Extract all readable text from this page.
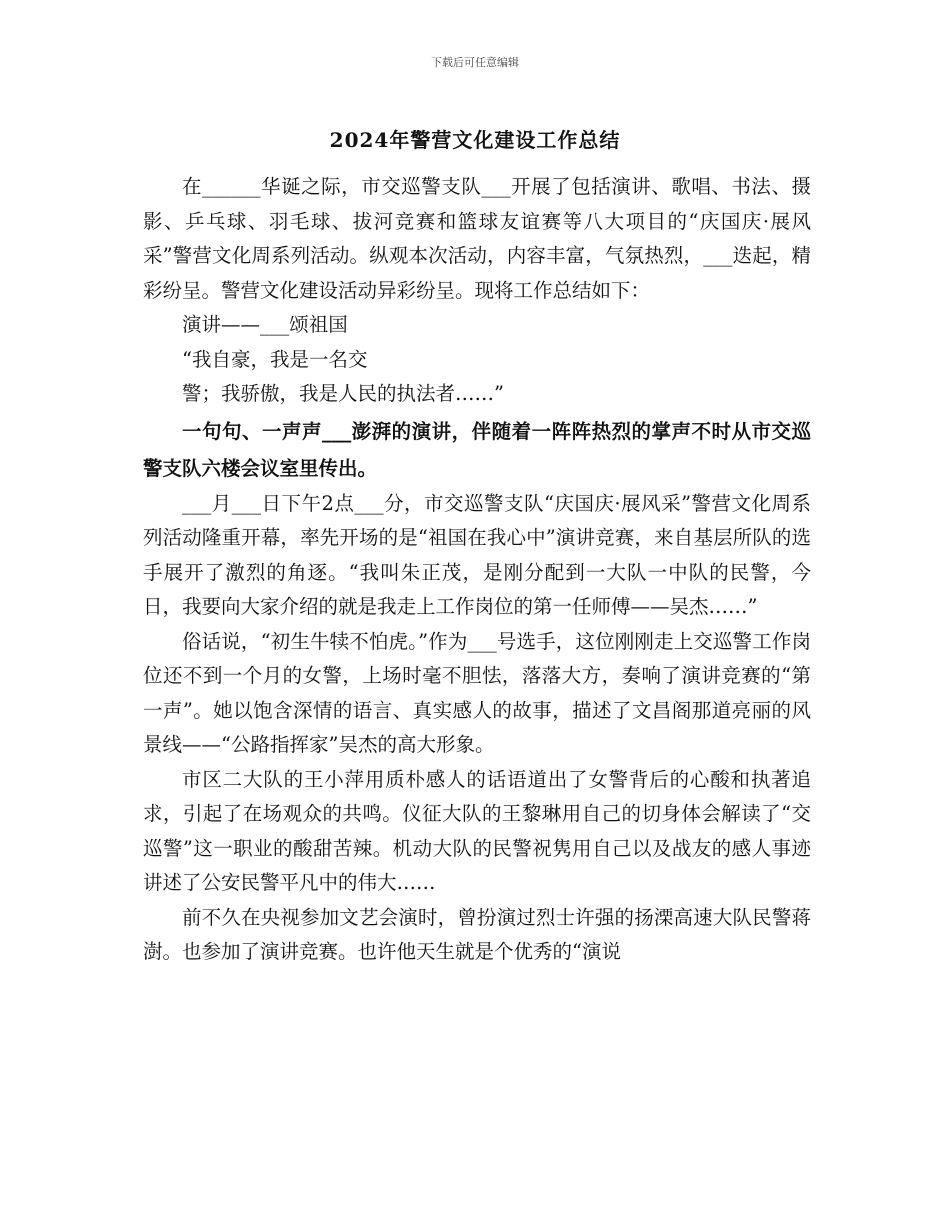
下载后可任意编辑
2024年警营文化建设工作总结

在______华诞之际，市交巡警支队___开展了包括演讲、歌唱、书法、摄影、乒乓球、羽毛球、拔河竞赛和篮球友谊赛等八大项目的“庆国庆·展风采”警营文化周系列活动。纵观本次活动，内容丰富，气氛热烈，___迭起，精彩纷呈。警营文化建设活动异彩纷呈。现将工作总结如下：

演讲——___颂祖国

“我自豪，我是一名交

警；我骄傲，我是人民的执法者……”

一句句、一声声___澎湃的演讲，伴随着一阵阵热烈的掌声不时从市交巡警支队六楼会议室里传出。

___月___日下午2点___分，市交巡警支队“庆国庆·展风采”警营文化周系列活动隆重开幕，率先开场的是“祖国在我心中”演讲竞赛，来自基层所队的选手展开了激烈的角逐。“我叫朱正茂，是刚分配到一大队一中队的民警，今日，我要向大家介绍的就是我走上工作岗位的第一任师傅——吴杰……”

俗话说，“初生牛犊不怕虎。”作为___号选手，这位刚刚走上交巡警工作岗位还不到一个月的女警，上场时毫不胆怯，落落大方，奏响了演讲竞赛的“第一声”。她以饱含深情的语言、真实感人的故事，描述了文昌阁那道亮丽的风景线——“公路指挥家”吴杰的高大形象。

市区二大队的王小萍用质朴感人的话语道出了女警背后的心酸和执著追求，引起了在场观众的共鸣。仪征大队的王黎琳用自己的切身体会解读了“交巡警”这一职业的酸甜苦辣。机动大队的民警祝隽用自己以及战友的感人事迹讲述了公安民警平凡中的伟大……

前不久在央视参加文艺会演时，曾扮演过烈士许强的扬溧高速大队民警蒋澍。也参加了演讲竞赛。也许他天生就是个优秀的“演说
